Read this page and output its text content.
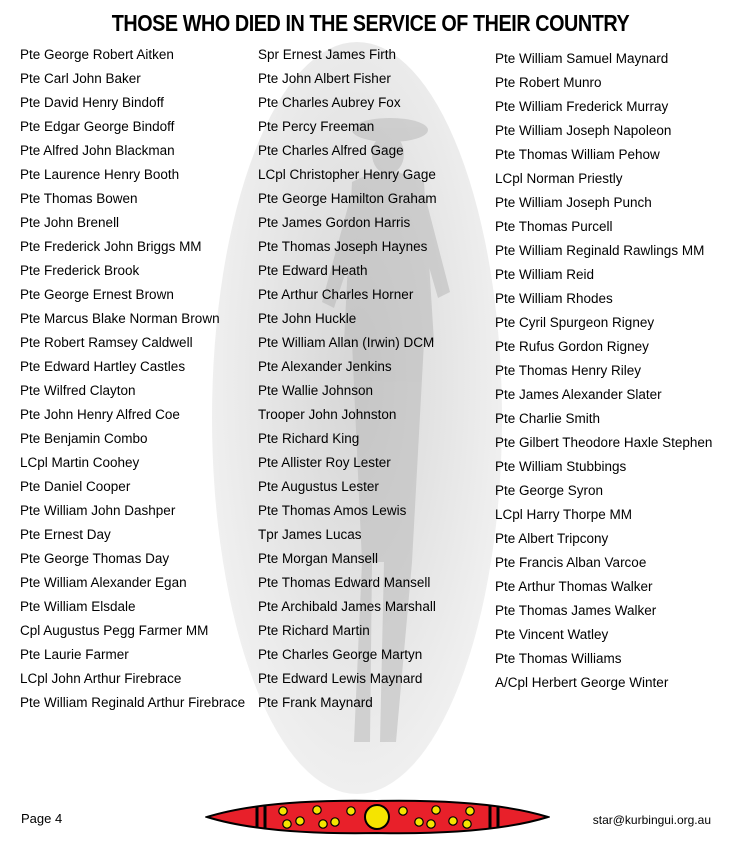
THOSE WHO DIED IN THE SERVICE OF THEIR COUNTRY
Pte George Robert Aitken
Pte Carl John Baker
Pte David Henry Bindoff
Pte Edgar George Bindoff
Pte Alfred John Blackman
Pte Laurence Henry Booth
Pte Thomas Bowen
Pte John Brenell
Pte Frederick John Briggs MM
Pte Frederick Brook
Pte George Ernest Brown
Pte Marcus Blake Norman Brown
Pte Robert Ramsey Caldwell
Pte Edward Hartley Castles
Pte Wilfred Clayton
Pte John Henry Alfred Coe
Pte Benjamin Combo
LCpl Martin Coohey
Pte Daniel Cooper
Pte William John Dashper
Pte Ernest Day
Pte George Thomas Day
Pte William Alexander Egan
Pte William Elsdale
Cpl Augustus Pegg Farmer MM
Pte Laurie Farmer
LCpl John Arthur Firebrace
Pte William Reginald Arthur Firebrace
Spr Ernest James Firth
Pte John Albert Fisher
Pte Charles Aubrey Fox
Pte Percy Freeman
Pte Charles Alfred Gage
LCpl Christopher Henry Gage
Pte George Hamilton Graham
Pte James Gordon Harris
Pte Thomas Joseph Haynes
Pte Edward Heath
Pte Arthur Charles Horner
Pte John Huckle
Pte William Allan (Irwin) DCM
Pte Alexander Jenkins
Pte Wallie Johnson
Trooper John Johnston
Pte Richard King
Pte Allister Roy Lester
Pte Augustus Lester
Pte Thomas Amos Lewis
Tpr James Lucas
Pte Morgan Mansell
Pte Thomas Edward Mansell
Pte Archibald James Marshall
Pte Richard Martin
Pte Charles George Martyn
Pte Edward Lewis Maynard
Pte Frank Maynard
Pte William Samuel Maynard
Pte Robert Munro
Pte William Frederick Murray
Pte William Joseph Napoleon
Pte Thomas William Pehow
LCpl Norman Priestly
Pte William Joseph Punch
Pte Thomas Purcell
Pte William Reginald Rawlings MM
Pte William Reid
Pte William Rhodes
Pte Cyril Spurgeon Rigney
Pte Rufus Gordon Rigney
Pte Thomas Henry Riley
Pte James Alexander Slater
Pte Charlie Smith
Pte Gilbert Theodore Haxle Stephen
Pte William Stubbings
Pte George Syron
LCpl Harry Thorpe MM
Pte Albert Tripcony
Pte Francis Alban Varcoe
Pte Arthur Thomas Walker
Pte Thomas James Walker
Pte Vincent Watley
Pte Thomas Williams
A/Cpl Herbert George Winter
Page 4	star@kurbingui.org.au
